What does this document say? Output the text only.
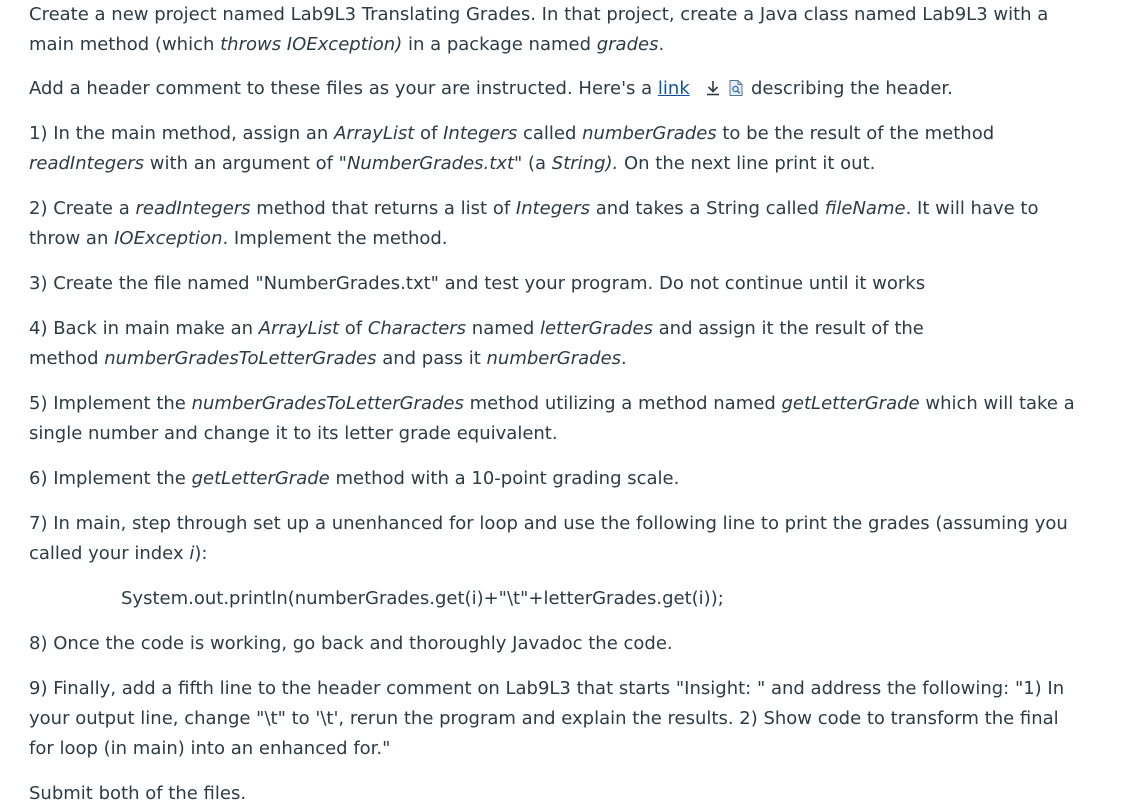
Create a new project named Lab9L3 Translating Grades. In that project, create a Java class named Lab9L3 with a main method (which throws IOException) in a package named grades.

Add a header comment to these files as your are instructed. Here's a link	describing the header.

1) In the main method, assign an ArrayList of Integers called numberGrades to be the result of the method readIntegers with an argument of "NumberGrades.txt" (a String). On the next line print it out.

2) Create a readIntegers method that returns a list of Integers and takes a String called fileName. It will have to throw an IOException. Implement the method.

3) Create the file named "NumberGrades.txt" and test your program. Do not continue until it works

4) Back in main make an ArrayList of Characters named letterGrades and assign it the result of the

method numberGradesToLetterGrades and pass it numberGrades.

5) Implement the numberGradesToLetterGrades method utilizing a method named getLetterGrade which will take a single number and change it to its letter grade equivalent.

6) Implement the getLetterGrade method with a 10-point grading scale.

7) In main, step through set up a unenhanced for loop and use the following line to print the grades (assuming you called your index i):

System.out.println(numberGrades.get(i)+"\t"+letterGrades.get(i));

8) Once the code is working, go back and thoroughly Javadoc the code.

9) Finally, add a fifth line to the header comment on Lab9L3 that starts "Insight: " and address the following: "1) In your output line, change "\t" to '\t', rerun the program and explain the results. 2) Show code to transform the final for loop (in main) into an enhanced for."

Submit both of the files.
